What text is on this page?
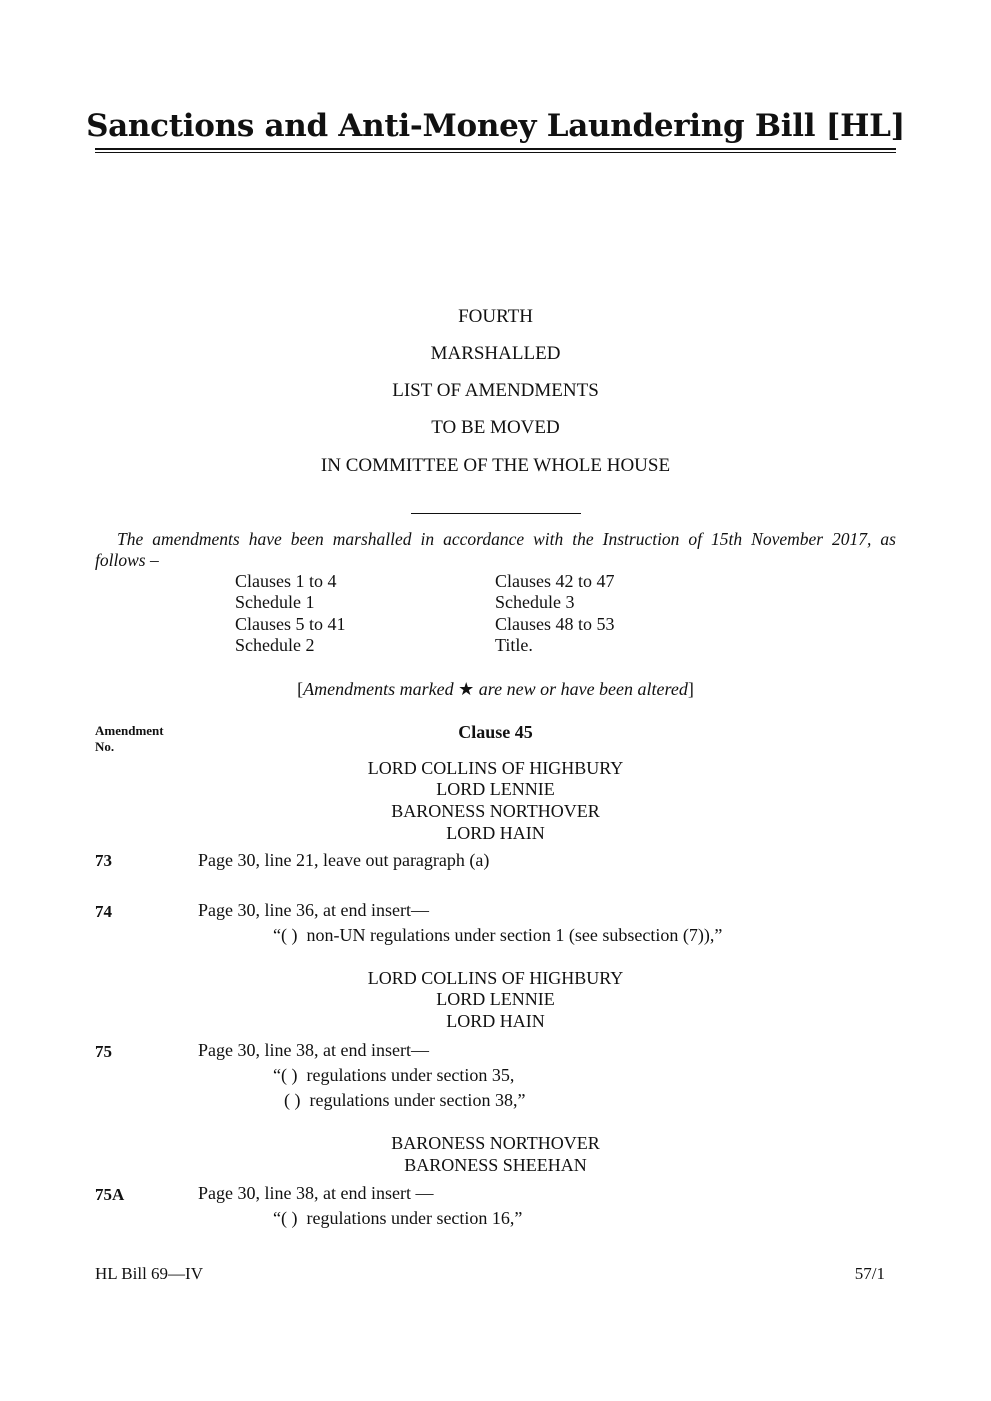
Sanctions and Anti-Money Laundering Bill [HL]
FOURTH
MARSHALLED
LIST OF AMENDMENTS
TO BE MOVED
IN COMMITTEE OF THE WHOLE HOUSE
The amendments have been marshalled in accordance with the Instruction of 15th November 2017, as
follows –
Clauses 1 to 4
Schedule 1
Clauses 5 to 41
Schedule 2
Clauses 42 to 47
Schedule 3
Clauses 48 to 53
Title.
[Amendments marked ★ are new or have been altered]
Amendment
No.
Clause 45
LORD COLLINS OF HIGHBURY
LORD LENNIE
BARONESS NORTHOVER
LORD HAIN
73	Page 30, line 21, leave out paragraph (a)
74	Page 30, line 36, at end insert—
“( )  non-UN regulations under section 1 (see subsection (7)),”
LORD COLLINS OF HIGHBURY
LORD LENNIE
LORD HAIN
75	Page 30, line 38, at end insert—
“( )  regulations under section 35,
( )  regulations under section 38,”
BARONESS NORTHOVER
BARONESS SHEEHAN
75A	Page 30, line 38, at end insert —
“( )  regulations under section 16,”
HL Bill 69—IV	57/1
